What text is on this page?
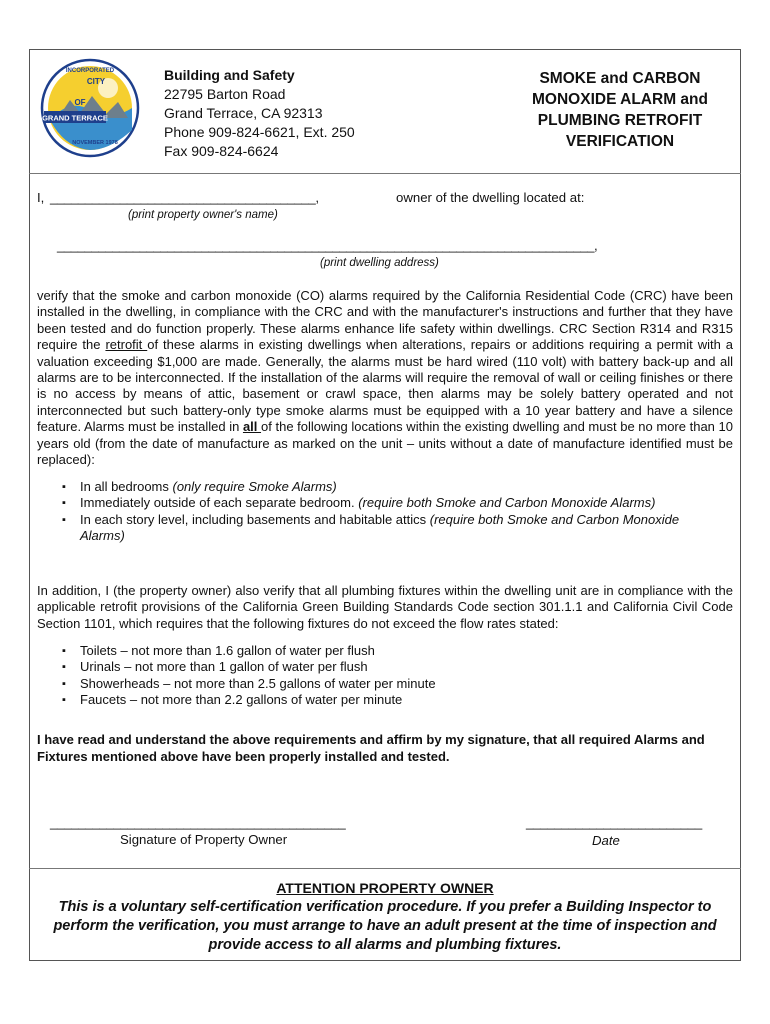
GRAND TERRACE
INCORPORATED
CITY
OF
NOVEMBER 1978
Building and Safety
22795 Barton Road
Grand Terrace, CA 92313
Phone 909-824-6621, Ext. 250
Fax 909-824-6624
SMOKE and CARBON
MONOXIDE ALARM and
PLUMBING RETROFIT
VERIFICATION
I, ______________________________________,	owner of the dwelling located at:
(print property owner's name)
______________________________________________________________________________,
(print dwelling address)
verify that the smoke and carbon monoxide (CO) alarms required by the California Residential Code (CRC) have been installed in the dwelling, in compliance with the CRC and with the manufacturer's instructions and further that they have been tested and do function properly. These alarms enhance life safety within dwellings. CRC Section R314 and R315 require the retrofit of these alarms in existing dwellings when alterations, repairs or additions requiring a permit with a valuation exceeding $1,000 are made. Generally, the alarms must be hard wired (110 volt) with battery back-up and all alarms are to be interconnected. If the installation of the alarms will require the removal of wall or ceiling finishes or there is no access by means of attic, basement or crawl space, then alarms may be solely battery operated and not interconnected but such battery-only type smoke alarms must be equipped with a 10 year battery and have a silence feature. Alarms must be installed in all of the following locations within the existing dwelling and must be no more than 10 years old (from the date of manufacture as marked on the unit – units without a date of manufacture identified must be replaced):
▪ In all bedrooms (only require Smoke Alarms)
▪ Immediately outside of each separate bedroom. (require both Smoke and Carbon Monoxide Alarms)
▪ In each story level, including basements and habitable attics (require both Smoke and Carbon Monoxide Alarms)
In addition, I (the property owner) also verify that all plumbing fixtures within the dwelling unit are in compliance with the applicable retrofit provisions of the California Green Building Standards Code section 301.1.1 and California Civil Code Section 1101, which requires that the following fixtures do not exceed the flow rates stated:
▪ Toilets – not more than 1.6 gallon of water per flush
▪ Urinals – not more than 1 gallon of water per flush
▪ Showerheads – not more than 2.5 gallons of water per minute
▪ Faucets – not more than 2.2 gallons of water per minute
I have read and understand the above requirements and affirm by my signature, that all required Alarms and Fixtures mentioned above have been properly installed and tested.
__________________________________________
Signature of Property Owner
_________________________
Date
ATTENTION PROPERTY OWNER
This is a voluntary self-certification verification procedure. If you prefer a Building Inspector to
perform the verification, you must arrange to have an adult present at the time of inspection and
provide access to all alarms and plumbing fixtures.
